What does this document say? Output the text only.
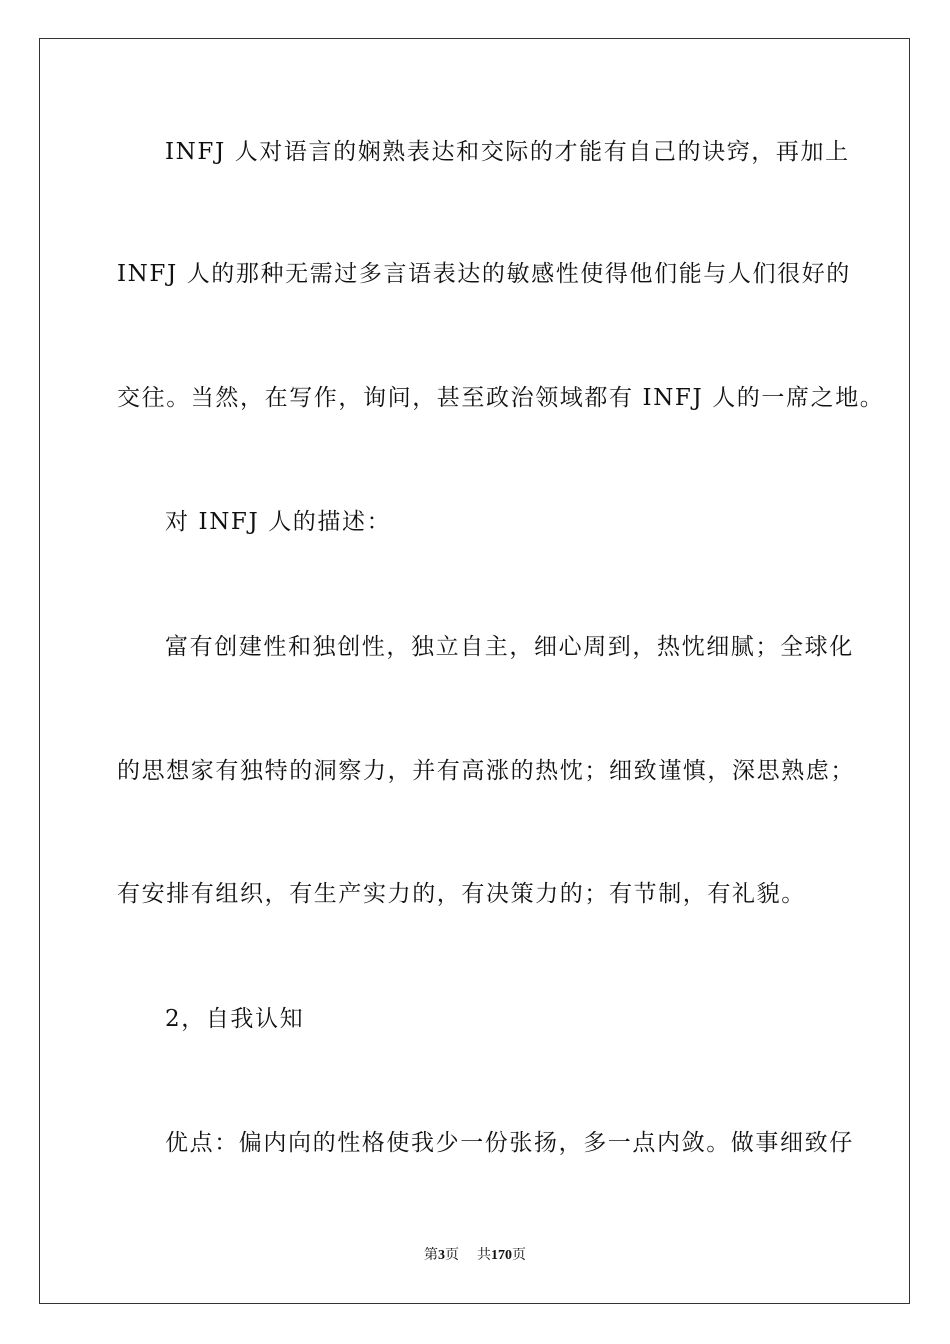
INFJ 人对语言的娴熟表达和交际的才能有自己的诀窍，再加上
INFJ 人的那种无需过多言语表达的敏感性使得他们能与人们很好的
交往。当然，在写作，询问，甚至政治领域都有 INFJ 人的一席之地。
对 INFJ 人的描述：
富有创建性和独创性，独立自主，细心周到，热忱细腻；全球化
的思想家有独特的洞察力，并有高涨的热忱；细致谨慎，深思熟虑；
有安排有组织，有生产实力的，有决策力的；有节制，有礼貌。
2，自我认知
优点：偏内向的性格使我少一份张扬，多一点内敛。做事细致仔
第3页 共170页
